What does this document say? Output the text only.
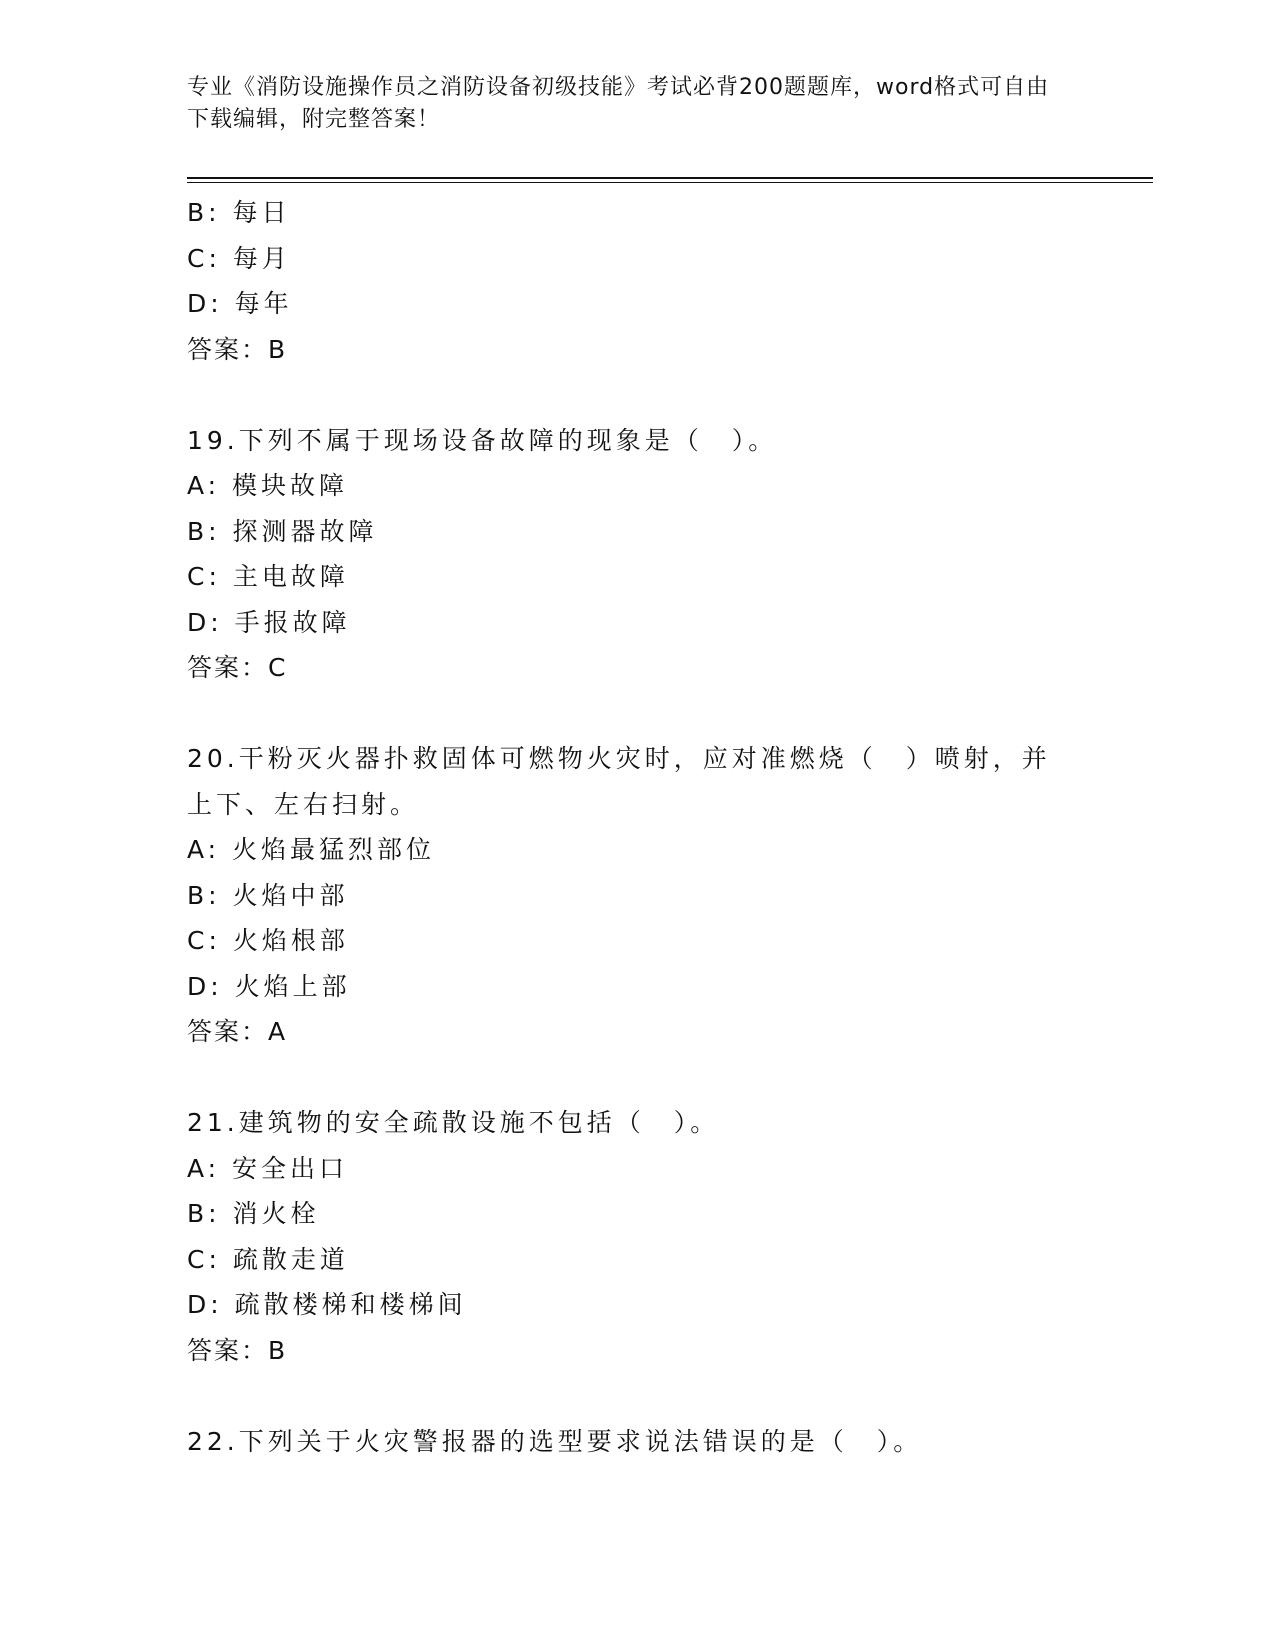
专业《消防设施操作员之消防设备初级技能》考试必背200题题库，word格式可自由下载编辑，附完整答案！
B: 每日
C: 每月
D: 每年
答案：B
19.下列不属于现场设备故障的现象是（　）。
A: 模块故障
B: 探测器故障
C: 主电故障
D: 手报故障
答案：C
20.干粉灭火器扑救固体可燃物火灾时，应对准燃烧（　）喷射，并上下、左右扫射。
A: 火焰最猛烈部位
B: 火焰中部
C: 火焰根部
D: 火焰上部
答案：A
21.建筑物的安全疏散设施不包括（　）。
A: 安全出口
B: 消火栓
C: 疏散走道
D: 疏散楼梯和楼梯间
答案：B
22.下列关于火灾警报器的选型要求说法错误的是（　）。
